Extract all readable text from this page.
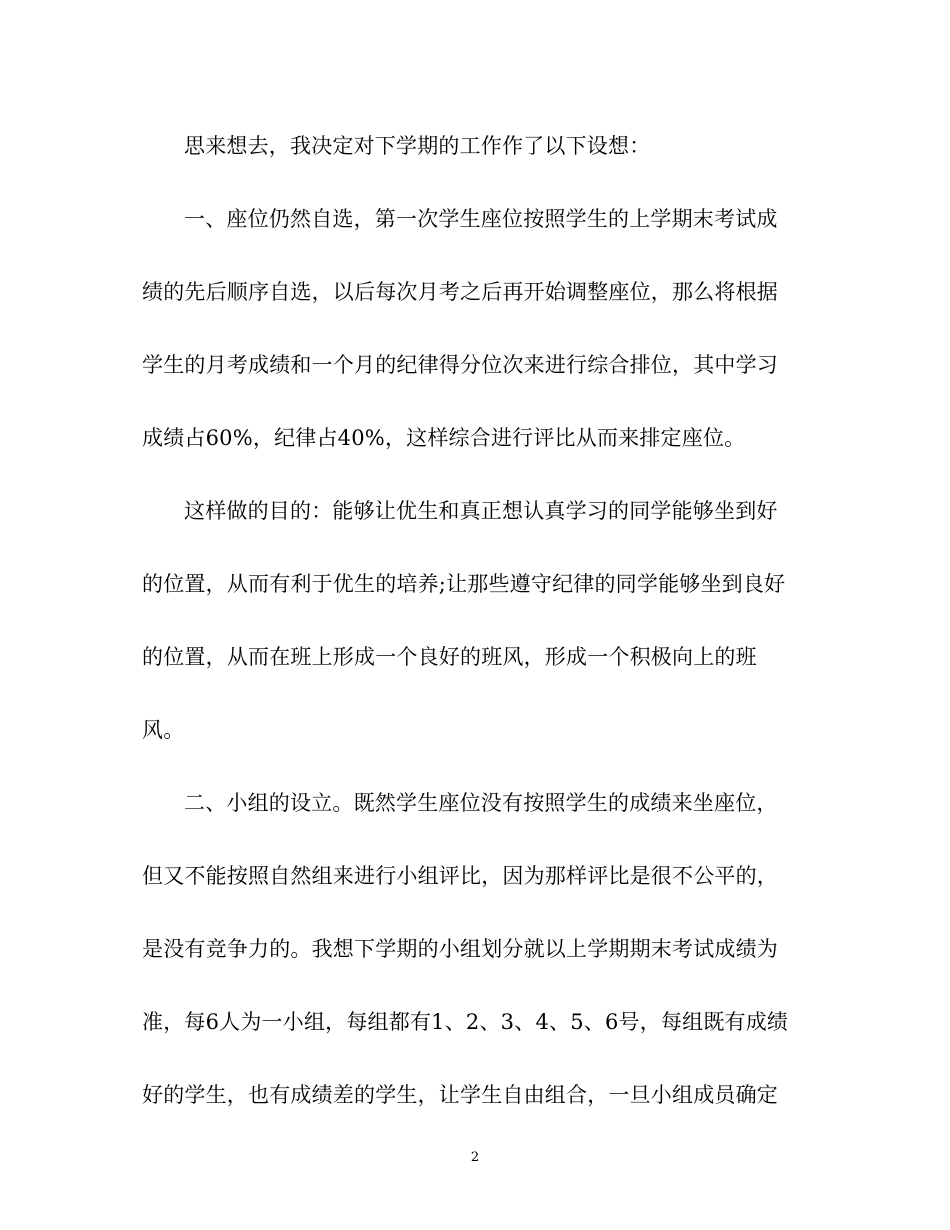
思来想去，我决定对下学期的工作作了以下设想：
一、座位仍然自选，第一次学生座位按照学生的上学期末考试成
绩的先后顺序自选，以后每次月考之后再开始调整座位，那么将根据
学生的月考成绩和一个月的纪律得分位次来进行综合排位，其中学习
成绩占60%，纪律占40%，这样综合进行评比从而来排定座位。
这样做的目的：能够让优生和真正想认真学习的同学能够坐到好
的位置，从而有利于优生的培养;让那些遵守纪律的同学能够坐到良好
的位置，从而在班上形成一个良好的班风，形成一个积极向上的班
风。
二、小组的设立。既然学生座位没有按照学生的成绩来坐座位，
但又不能按照自然组来进行小组评比，因为那样评比是很不公平的，
是没有竞争力的。我想下学期的小组划分就以上学期期末考试成绩为
准，每6人为一小组，每组都有1、2、3、4、5、6号，每组既有成绩
好的学生，也有成绩差的学生，让学生自由组合，一旦小组成员确定
2
